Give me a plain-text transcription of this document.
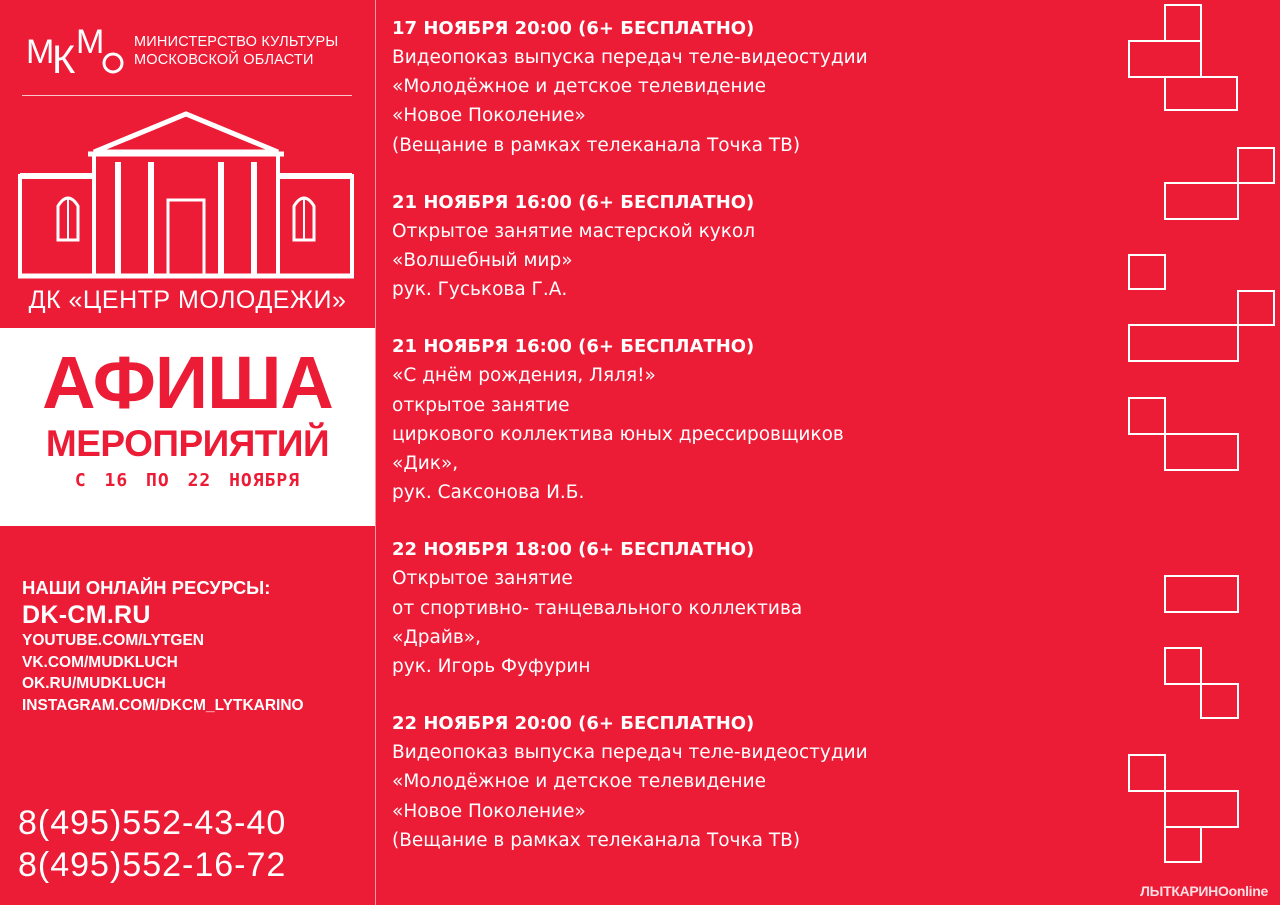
М К М МИНИСТЕРСТВО КУЛЬТУРЫ
МОСКОВСКОЙ ОБЛАСТИ
ДК «ЦЕНТР МОЛОДЕЖИ»
АФИША
МЕРОПРИЯТИЙ
С 16 ПО 22 НОЯБРЯ
НАШИ ОНЛАЙН РЕСУРСЫ:
DK-CM.RU
YOUTUBE.COM/LYTGEN
VK.COM/MUDKLUCH
OK.RU/MUDKLUCH
INSTAGRAM.COM/DKCM_LYTKARINO
8(495)552-43-40
8(495)552-16-72
17 НОЯБРЯ 20:00 (6+ БЕСПЛАТНО)
Видеопоказ выпуска передач теле-видеостудии
«Молодёжное и детское телевидение
«Новое Поколение»
(Вещание в рамках телеканала Точка ТВ)
21 НОЯБРЯ 16:00 (6+ БЕСПЛАТНО)
Открытое занятие мастерской кукол
«Волшебный мир»
рук. Гуськова Г.А.
21 НОЯБРЯ 16:00 (6+ БЕСПЛАТНО)
«С днём рождения, Ляля!»
открытое занятие
циркового коллектива юных дрессировщиков
«Дик»,
рук. Саксонова И.Б.
22 НОЯБРЯ 18:00 (6+ БЕСПЛАТНО)
Открытое занятие
от спортивно- танцевального коллектива
«Драйв»,
рук. Игорь Фуфурин
22 НОЯБРЯ 20:00 (6+ БЕСПЛАТНО)
Видеопоказ выпуска передач теле-видеостудии
«Молодёжное и детское телевидение
«Новое Поколение»
(Вещание в рамках телеканала Точка ТВ)
ЛЫТКАРИНОonline
